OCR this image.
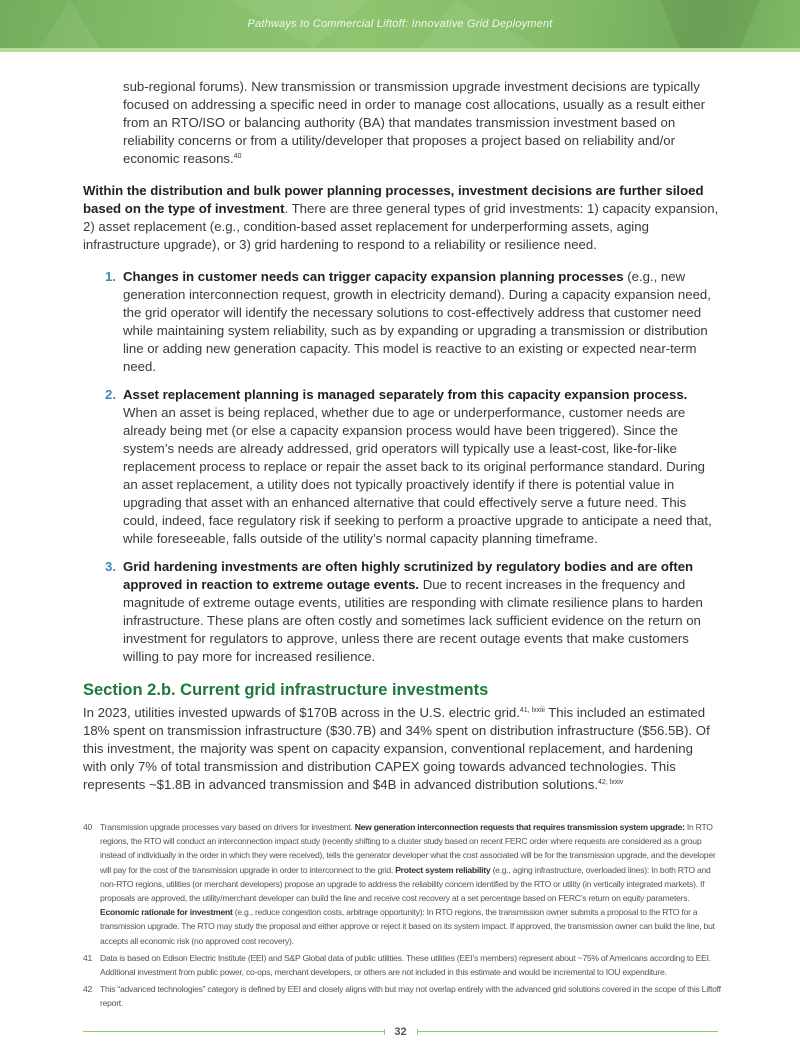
Pathways to Commercial Liftoff: Innovative Grid Deployment

sub-regional forums). New transmission or transmission upgrade investment decisions are typically focused on addressing a specific need in order to manage cost allocations, usually as a result either from an RTO/ISO or balancing authority (BA) that mandates transmission investment based on reliability concerns or from a utility/developer that proposes a project based on reliability and/or economic reasons.$^{40}$

Within the distribution and bulk power planning processes, investment decisions are further siloed based on the type of investment. There are three general types of grid investments: 1) capacity expansion, 2) asset replacement (e.g., condition-based asset replacement for underperforming assets, aging infrastructure upgrade), or 3) grid hardening to respond to a reliability or resilience need.

1. Changes in customer needs can trigger capacity expansion planning processes (e.g., new generation interconnection request, growth in electricity demand). During a capacity expansion need, the grid operator will identify the necessary solutions to cost-effectively address that customer need while maintaining system reliability, such as by expanding or upgrading a transmission or distribution line or adding new generation capacity. This model is reactive to an existing or expected near-term need.
2. Asset replacement planning is managed separately from this capacity expansion process. When an asset is being replaced, whether due to age or underperformance, customer needs are already being met (or else a capacity expansion process would have been triggered). Since the system’s needs are already addressed, grid operators will typically use a least-cost, like-for-like replacement process to replace or repair the asset back to its original performance standard. During an asset replacement, a utility does not typically proactively identify if there is potential value in upgrading that asset with an enhanced alternative that could effectively serve a future need. This could, indeed, face regulatory risk if seeking to perform a proactive upgrade to anticipate a need that, while foreseeable, falls outside of the utility’s normal capacity planning timeframe.
3. Grid hardening investments are often highly scrutinized by regulatory bodies and are often approved in reaction to extreme outage events. Due to recent increases in the frequency and magnitude of extreme outage events, utilities are responding with climate resilience plans to harden infrastructure. These plans are often costly and sometimes lack sufficient evidence on the return on investment for regulators to approve, unless there are recent outage events that make customers willing to pay more for increased resilience.
Section 2.b. Current grid infrastructure investments

In 2023, utilities invested upwards of $170B across in the U.S. electric grid.$^{41, lxxiii}$ This included an estimated 18% spent on transmission infrastructure ($30.7B) and 34% spent on distribution infrastructure ($56.5B). Of this investment, the majority was spent on capacity expansion, conventional replacement, and hardening with only 7% of total transmission and distribution CAPEX going towards advanced technologies. This represents ~$1.8B in advanced transmission and $4B in advanced distribution solutions.$^{42, lxxiv}$

40 Transmission upgrade processes vary based on drivers for investment. New generation interconnection requests that requires transmission system upgrade: In RTO regions, the RTO will conduct an interconnection impact study (recently shifting to a cluster study based on recent FERC order where requests are considered as a group instead of individually in the order in which they were received), tells the generator developer what the cost associated will be for the transmission upgrade, and the developer will pay for the cost of the transmission upgrade in order to interconnect to the grid. Protect system reliability (e.g., aging infrastructure, overloaded lines): In both RTO and non-RTO regions, utilities (or merchant developers) propose an upgrade to address the reliability concern identified by the RTO or utility (in vertically integrated markets). If proposals are approved, the utility/merchant developer can build the line and receive cost recovery at a set percentage based on FERC’s return on equity parameters. Economic rationale for investment (e.g., reduce congestion costs, arbitrage opportunity): In RTO regions, the transmission owner submits a proposal to the RTO for a transmission upgrade. The RTO may study the proposal and either approve or reject it based on its system impact. If approved, the transmission owner can build the line, but accepts all economic risk (no approved cost recovery).
41 Data is based on Edison Electric Institute (EEI) and S&P Global data of public utilities. These utilities (EEI’s members) represent about ~75% of Americans according to EEI. Additional investment from public power, co-ops, merchant developers, or others are not included in this estimate and would be incremental to IOU expenditure.
42 This “advanced technologies” category is defined by EEI and closely aligns with but may not overlap entirely with the advanced grid solutions covered in the scope of this Liftoff report.
32
